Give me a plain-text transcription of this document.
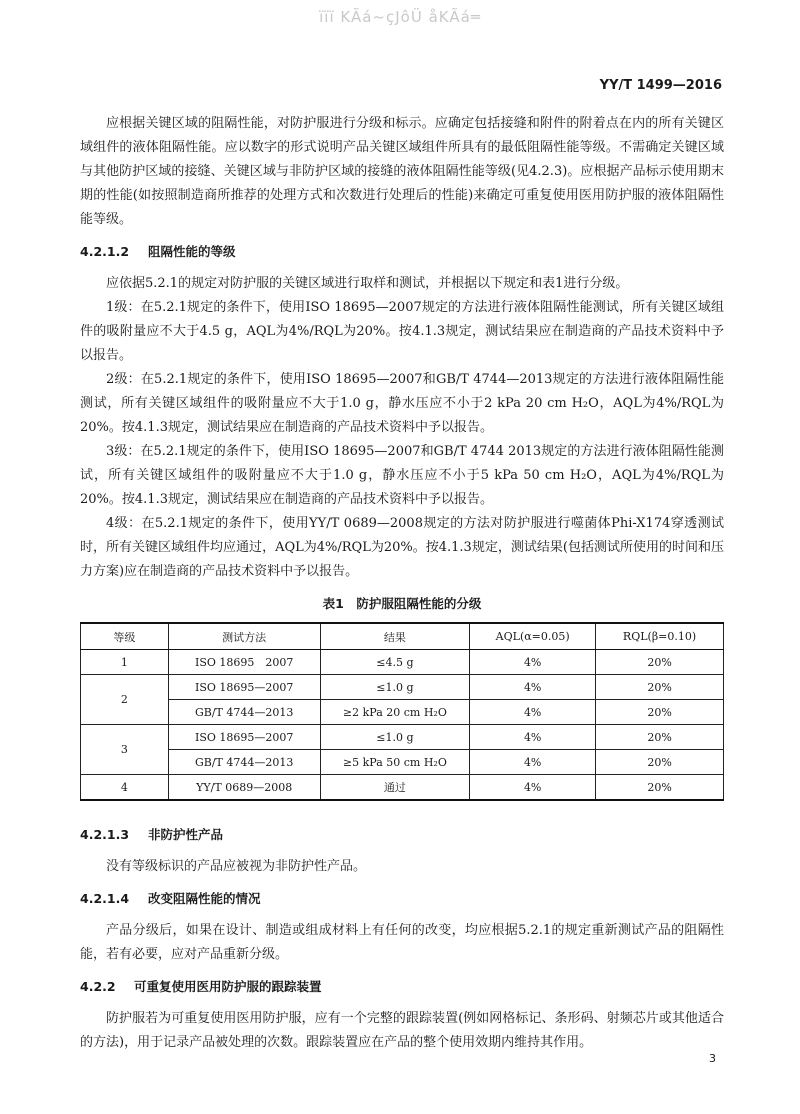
ïïï KÃá~çJôÜ åKÃá═
YY/T 1499—2016

应根据关键区域的阻隔性能，对防护服进行分级和标示。应确定包括接缝和附件的附着点在内的所有关键区域组件的液体阻隔性能。应以数字的形式说明产品关键区域组件所具有的最低阻隔性能等级。不需确定关键区域与其他防护区域的接缝、关键区域与非防护区域的接缝的液体阻隔性能等级(见4.2.3)。应根据产品标示使用期末期的性能(如按照制造商所推荐的处理方式和次数进行处理后的性能)来确定可重复使用医用防护服的液体阻隔性能等级。

4.2.1.2 阻隔性能的等级

应依据5.2.1的规定对防护服的关键区域进行取样和测试，并根据以下规定和表1进行分级。

1级：在5.2.1规定的条件下，使用ISO 18695—2007规定的方法进行液体阻隔性能测试，所有关键区域组件的吸附量应不大于4.5 g，AQL为4%/RQL为20%。按4.1.3规定，测试结果应在制造商的产品技术资料中予以报告。

2级：在5.2.1规定的条件下，使用ISO 18695—2007和GB/T 4744—2013规定的方法进行液体阻隔性能测试，所有关键区域组件的吸附量应不大于1.0 g，静水压应不小于2 kPa 20 cm H₂O，AQL为4%/RQL为20%。按4.1.3规定，测试结果应在制造商的产品技术资料中予以报告。

3级：在5.2.1规定的条件下，使用ISO 18695—2007和GB/T 4744 2013规定的方法进行液体阻隔性能测试，所有关键区域组件的吸附量应不大于1.0 g，静水压应不小于5 kPa 50 cm H₂O，AQL为4%/RQL为20%。按4.1.3规定，测试结果应在制造商的产品技术资料中予以报告。

4级：在5.2.1规定的条件下，使用YY/T 0689—2008规定的方法对防护服进行噬菌体Phi-X174穿透测试时，所有关键区域组件均应通过，AQL为4%/RQL为20%。按4.1.3规定，测试结果(包括测试所使用的时间和压力方案)应在制造商的产品技术资料中予以报告。

表1　防护服阻隔性能的分级
等级	测试方法	结果	AQL(α=0.05)	RQL(β=0.10)
1	ISO 18695　2007	≤4.5 g	4%	20%
2	ISO 18695—2007	≤1.0 g	4%	20%
	GB/T 4744—2013	≥2 kPa 20 cm H₂O	4%	20%
3	ISO 18695—2007	≤1.0 g	4%	20%
	GB/T 4744—2013	≥5 kPa 50 cm H₂O	4%	20%
4	YY/T 0689—2008	通过	4%	20%
4.2.1.3 非防护性产品

没有等级标识的产品应被视为非防护性产品。

4.2.1.4 改变阻隔性能的情况

产品分级后，如果在设计、制造或组成材料上有任何的改变，均应根据5.2.1的规定重新测试产品的阻隔性能，若有必要，应对产品重新分级。

4.2.2 可重复使用医用防护服的跟踪装置

防护服若为可重复使用医用防护服，应有一个完整的跟踪装置(例如网格标记、条形码、射频芯片或其他适合的方法)，用于记录产品被处理的次数。跟踪装置应在产品的整个使用效期内维持其作用。

3
